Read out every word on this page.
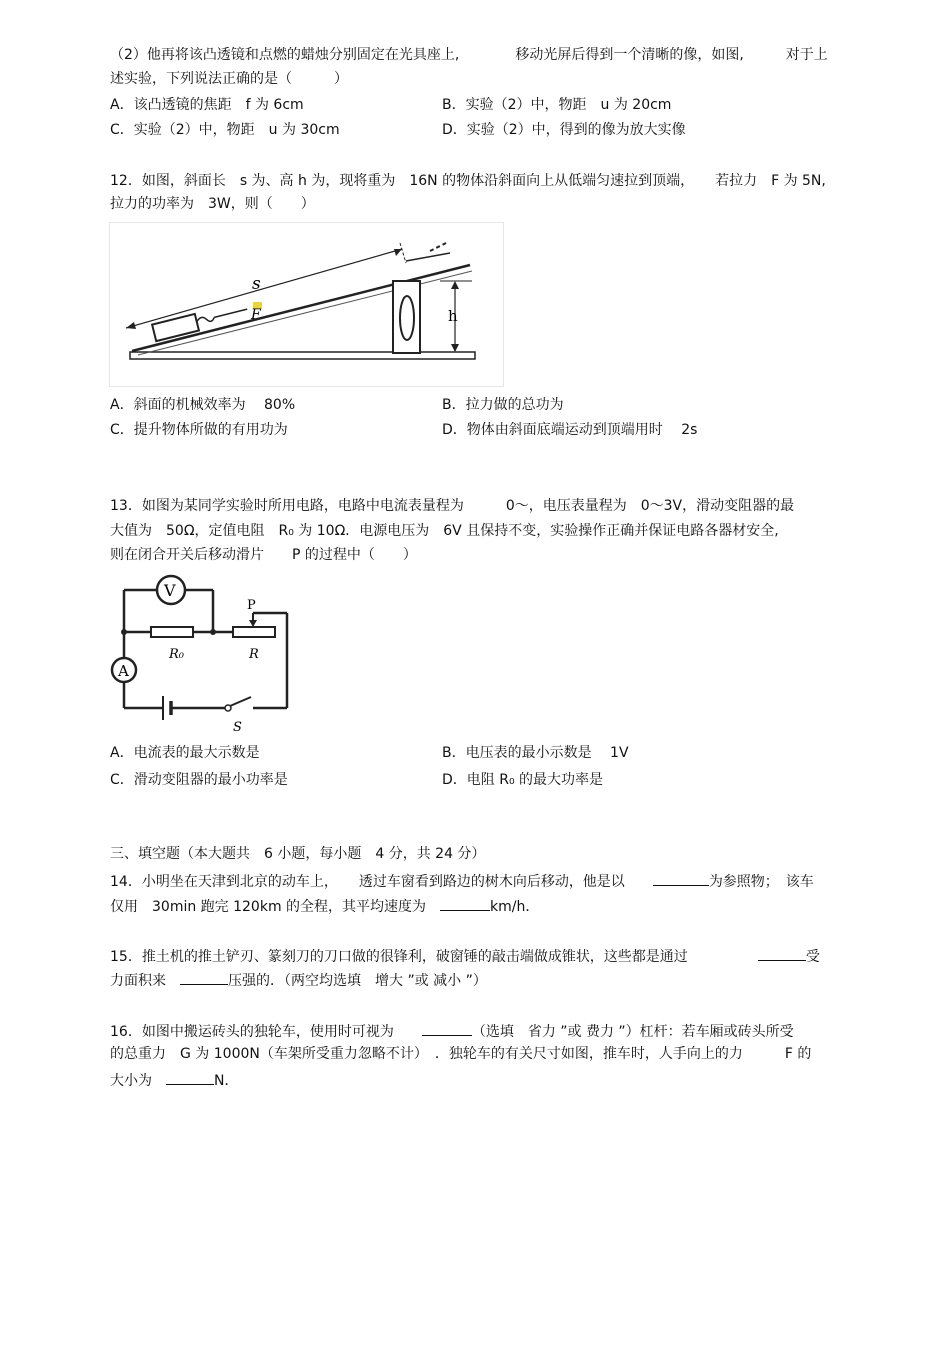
（2）他再将该凸透镜和点燃的蜡烛分别固定在光具座上,　　　　移动光屏后得到一个清晰的像，如图,　　　对于上
述实验，下列说法正确的是（　　　）
A．该凸透镜的焦距　f 为 6cm	B．实验（2）中，物距　u 为 20cm
C．实验（2）中，物距　u 为 30cm	D．实验（2）中，得到的像为放大实像
12．如图，斜面长　s 为、高 h 为，现将重为　16N 的物体沿斜面向上从低端匀速拉到顶端，　　若拉力　F 为 5N,
拉力的功率为　3W，则（　　）
h
s
F
A．斜面的机械效率为　 80%	B．拉力做的总功为
C．提升物体所做的有用功为	D．物体由斜面底端运动到顶端用时　 2s
13．如图为某同学实验时所用电路，电路中电流表量程为　　　0～，电压表量程为　0～3V，滑动变阻器的最
大值为　50Ω，定值电阻　R₀ 为 10Ω．电源电压为　6V 且保持不变，实验操作正确并保证电路各器材安全,
则在闭合开关后移动滑片　　P 的过程中（　　）
V
R₀	R
P
A
S
A．电流表的最大示数是	B．电压表的最小示数是　 1V
C．滑动变阻器的最小功率是	D．电阻 R₀ 的最大功率是
三、填空题（本大题共　6 小题，每小题　4 分，共 24 分）
14．小明坐在天津到北京的动车上，　　透过车窗看到路边的树木向后移动，他是以　　	为参照物；　该车
仅用　30min 跑完 120km 的全程，其平均速度为　	km/h．
15．推土机的推土铲刃、篆刻刀的刀口做的很锋利，破窗锤的敲击端做成锥状，这些都是通过　　　　　	受
力面积来　	压强的．（两空均选填　增大 ”或 减小 ”）
16．如图中搬运砖头的独轮车，使用时可视为　　	（选填　省力 ”或 费力 ”）杠杆：若车厢或砖头所受
的总重力　G 为 1000N（车架所受重力忽略不计）　．独轮车的有关尺寸如图，推车时，人手向上的力　　　F 的
大小为　	N．
